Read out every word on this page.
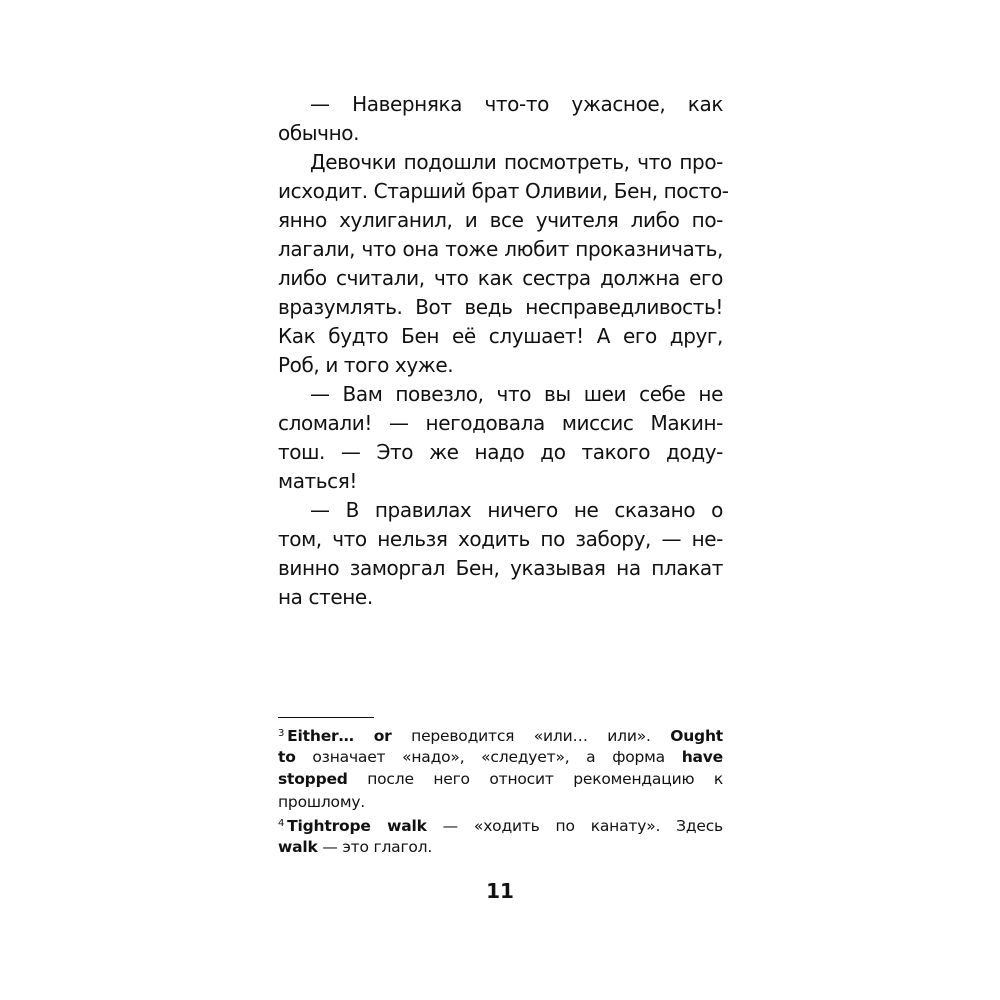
— Наверняка что-то ужасное, как
обычно.
Девочки подошли посмотреть, что про-
исходит. Старший брат Оливии, Бен, посто-
янно хулиганил, и все учителя либо по-
лагали, что она тоже любит проказничать,
либо считали, что как сестра должна его
вразумлять. Вот ведь несправедливость!
Как будто Бен её слушает! А его друг,
Роб, и того хуже.
— Вам повезло, что вы шеи себе не
сломали! — негодовала миссис Макин-
тош. — Это же надо до такого доду-
маться!
— В правилах ничего не сказано о
том, что нельзя ходить по забору, — не-
винно заморгал Бен, указывая на плакат
на стене.
$^3$ Either… or переводится «или… или». Ought
to означает «надо», «следует», а форма have
stopped после него относит рекомендацию к
прошлому.
$^4$ Tightrope walk — «ходить по канату». Здесь
walk — это глагол.
11
